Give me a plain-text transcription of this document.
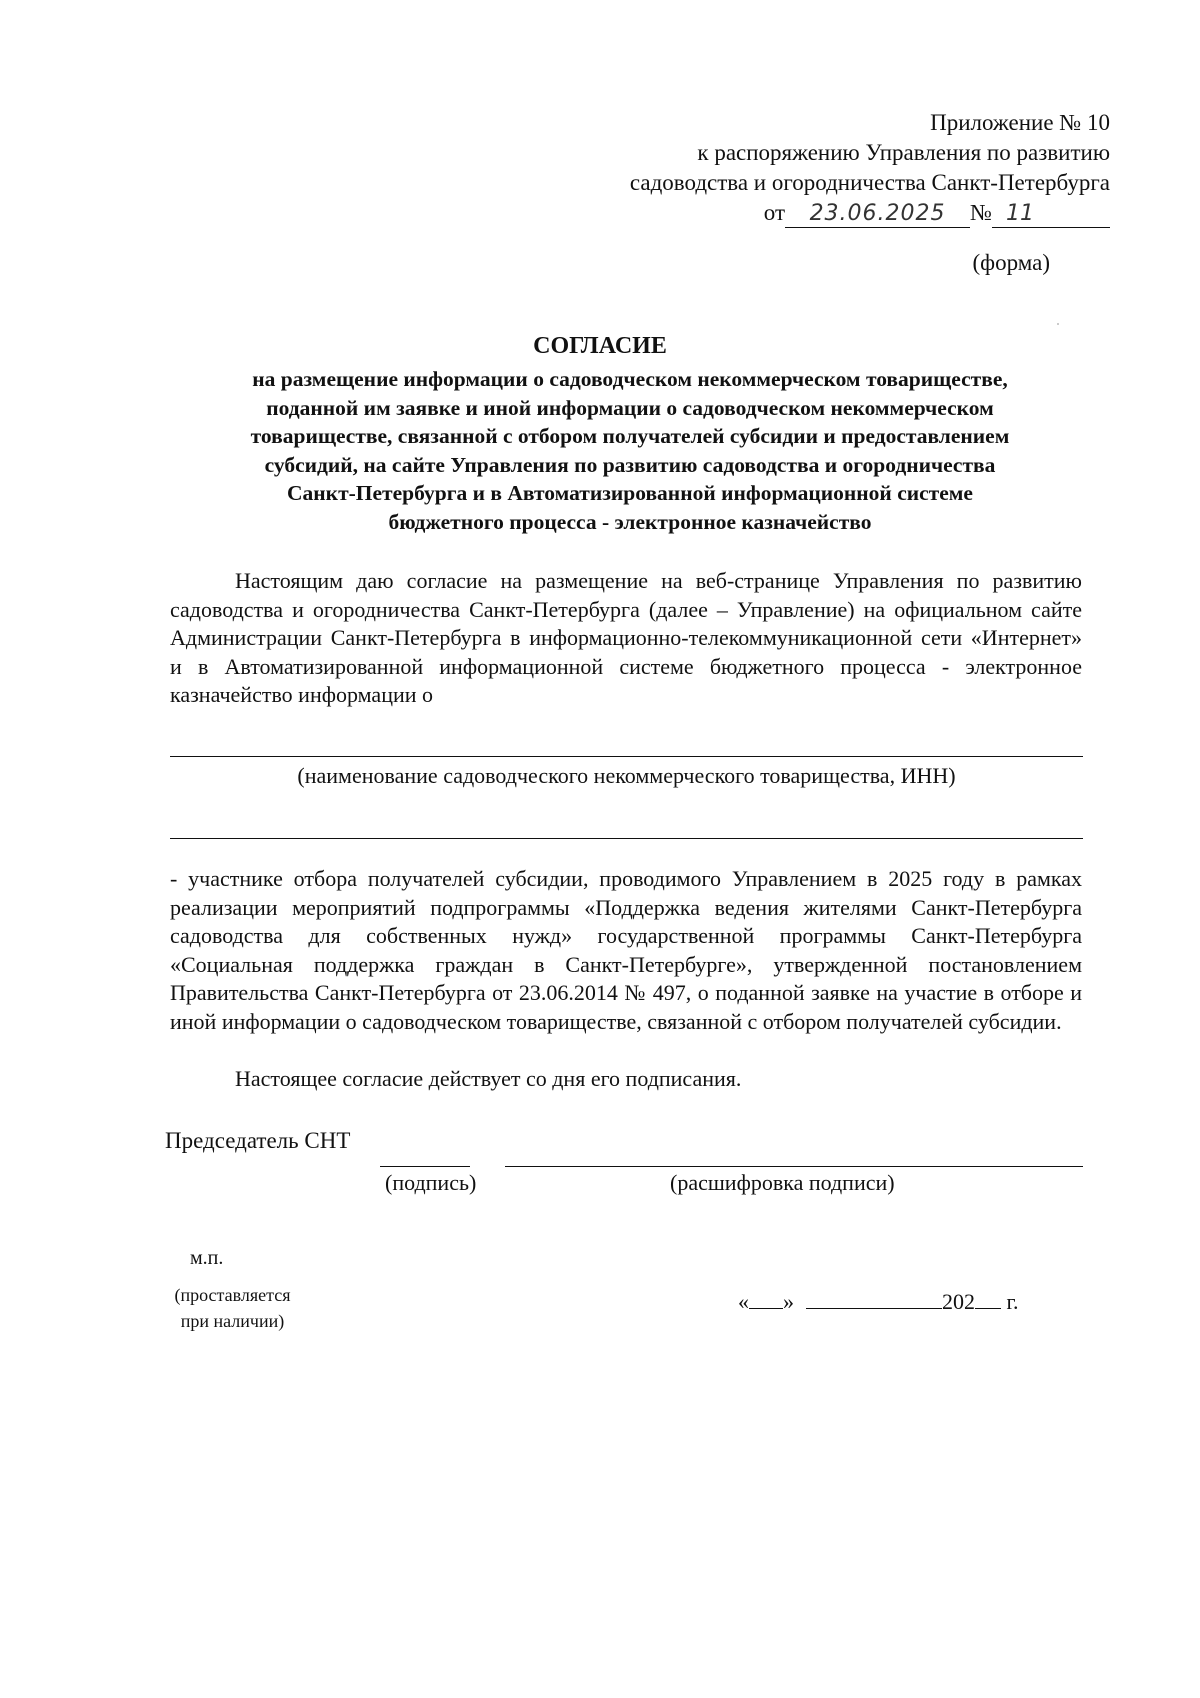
Приложение № 10
к распоряжению Управления по развитию
садоводства и огородничества Санкт-Петербурга
от 23.06.2025 № 11
(форма)
СОГЛАСИЕ
на размещение информации о садоводческом некоммерческом товариществе,
поданной им заявке и иной информации о садоводческом некоммерческом
товариществе, связанной с отбором получателей субсидии и предоставлением
субсидий, на сайте Управления по развитию садоводства и огородничества
Санкт-Петербурга и в Автоматизированной информационной системе
бюджетного процесса - электронное казначейство
Настоящим даю согласие на размещение на веб-странице Управления по развитию садоводства и огородничества Санкт-Петербурга (далее – Управление) на официальном сайте Администрации Санкт-Петербурга в информационно-телекоммуникационной сети «Интернет» и в Автоматизированной информационной системе бюджетного процесса - электронное казначейство информации о
(наименование садоводческого некоммерческого товарищества, ИНН)
- участнике отбора получателей субсидии, проводимого Управлением в 2025 году в рамках реализации мероприятий подпрограммы «Поддержка ведения жителями Санкт-Петербурга садоводства для собственных нужд» государственной программы Санкт-Петербурга «Социальная поддержка граждан в Санкт-Петербурге», утвержденной постановлением Правительства Санкт-Петербурга от 23.06.2014 № 497, о поданной заявке на участие в отборе и иной информации о садоводческом товариществе, связанной с отбором получателей субсидии.
Настоящее согласие действует со дня его подписания.
Председатель СНТ
(подпись)	(расшифровка подписи)
м.п.
(проставляется
при наличии)
« »	202 г.
